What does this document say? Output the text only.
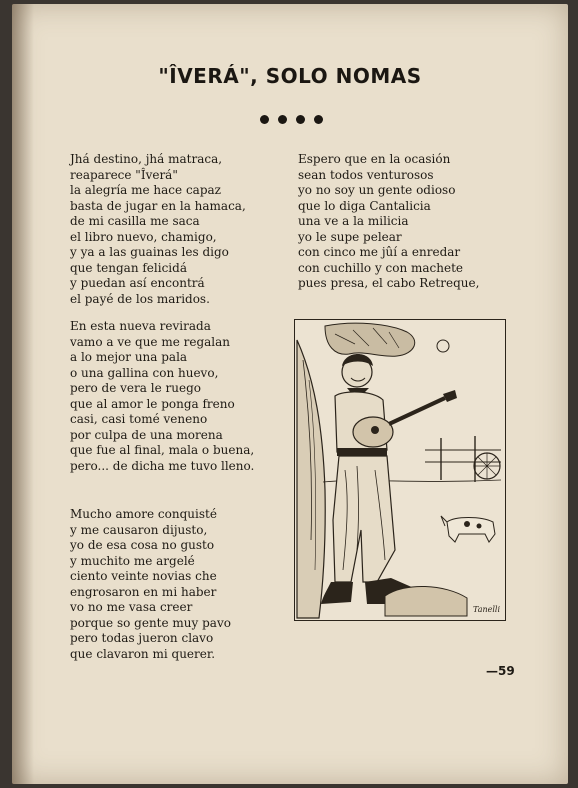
"ÎVERÁ", SOLO NOMAS
Jhá destino, jhá matraca,
reaparece "Îverá"
la alegría me hace capaz
basta de jugar en la hamaca,
de mi casilla me saca
el libro nuevo, chamigo,
y ya a las guainas les digo
que tengan felicidá
y puedan así encontrá
el payé de los maridos.
En esta nueva revirada
vamo a ve que me regalan
a lo mejor una pala
o una gallina con huevo,
pero de vera le ruego
que al amor le ponga freno
casi, casi tomé veneno
por culpa de una morena
que fue al final, mala o buena,
pero... de dicha me tuvo lleno.
Mucho amore conquisté
y me causaron dijusto,
yo de esa cosa no gusto
y muchito me argelé
ciento veinte novias che
engrosaron en mi haber
vo no me vasa creer
porque so gente muy pavo
pero todas jueron clavo
que clavaron mi querer.
Espero que en la ocasión
sean todos venturosos
yo no soy un gente odioso
que lo diga Cantalicia
una ve a la milicia
yo le supe pelear
con cinco me jûí a enredar
con cuchillo y con machete
pues presa, el cabo Retreque,
Tanelli
—59
